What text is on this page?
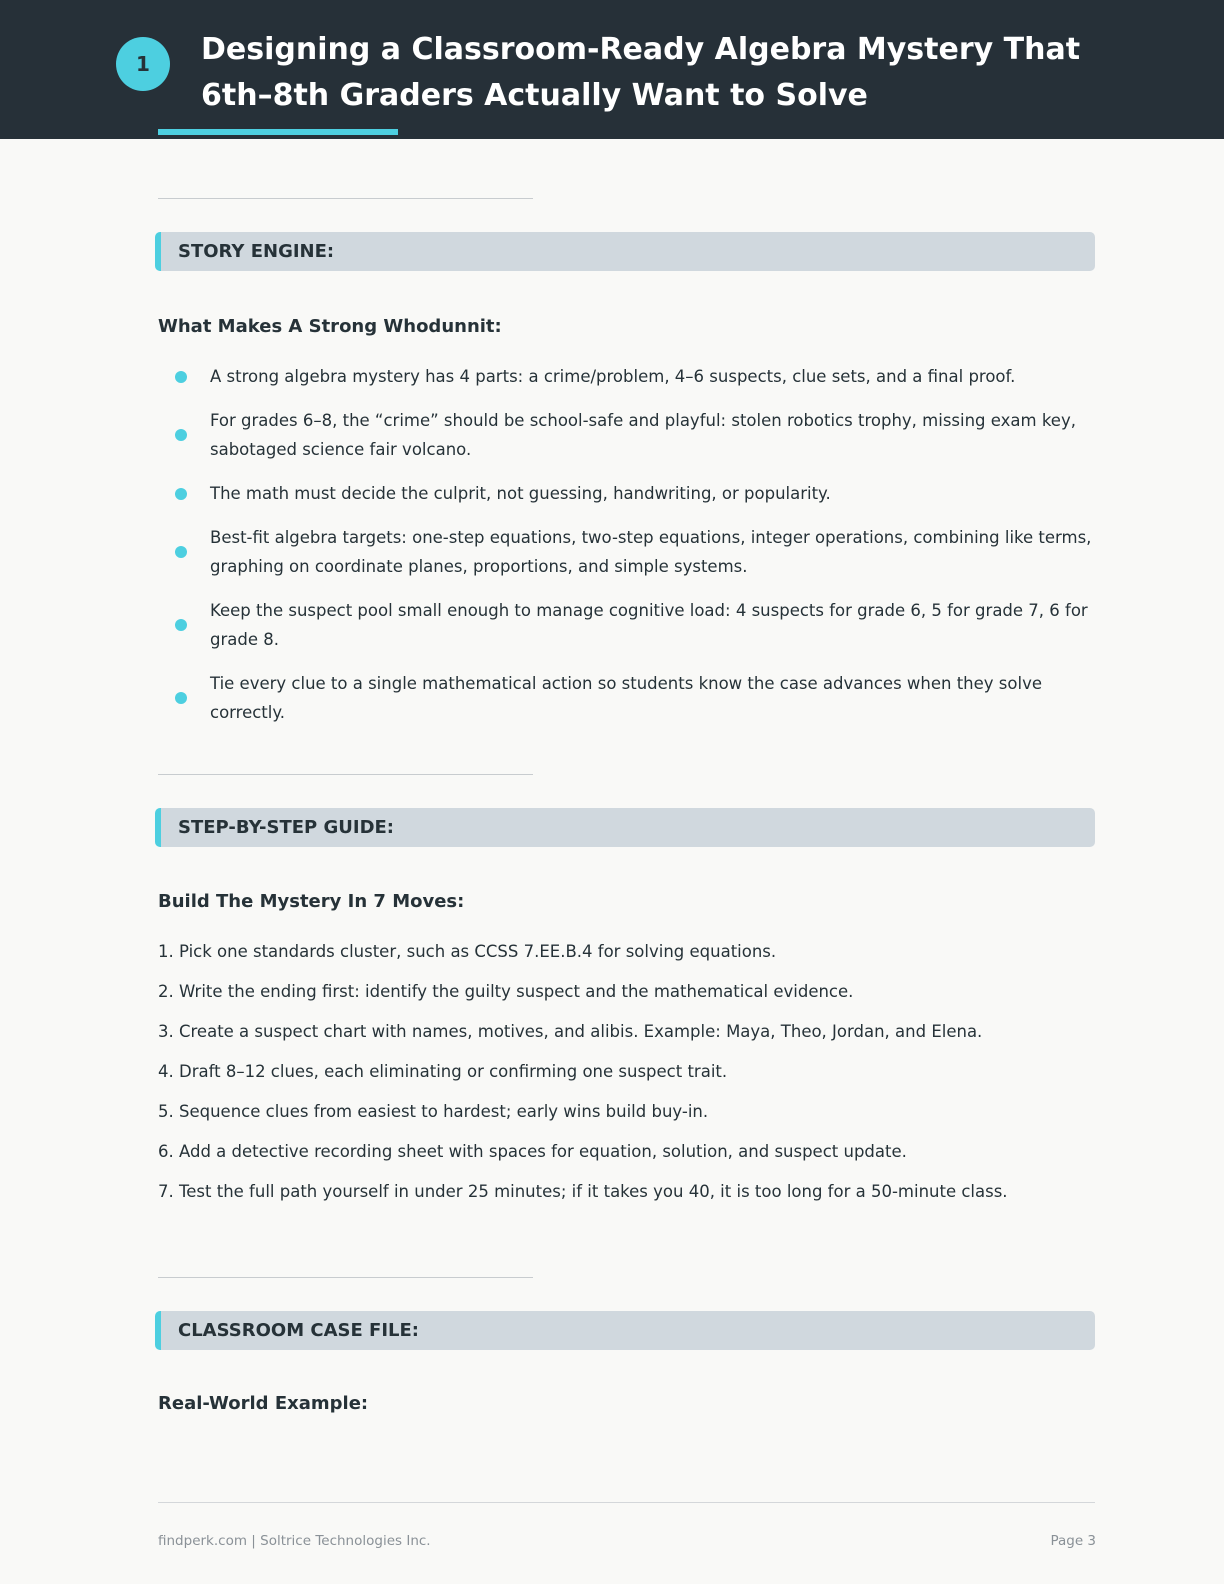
1	Designing a Classroom-Ready Algebra Mystery That 6th–8th Graders Actually Want to Solve
STORY ENGINE:
What Makes A Strong Whodunnit:
A strong algebra mystery has 4 parts: a crime/problem, 4–6 suspects, clue sets, and a final proof.
For grades 6–8, the “crime” should be school-safe and playful: stolen robotics trophy, missing exam key, sabotaged science fair volcano.
The math must decide the culprit, not guessing, handwriting, or popularity.
Best-fit algebra targets: one-step equations, two-step equations, integer operations, combining like terms, graphing on coordinate planes, proportions, and simple systems.
Keep the suspect pool small enough to manage cognitive load: 4 suspects for grade 6, 5 for grade 7, 6 for grade 8.
Tie every clue to a single mathematical action so students know the case advances when they solve correctly.
STEP-BY-STEP GUIDE:
Build The Mystery In 7 Moves:
1. Pick one standards cluster, such as CCSS 7.EE.B.4 for solving equations.
2. Write the ending first: identify the guilty suspect and the mathematical evidence.
3. Create a suspect chart with names, motives, and alibis. Example: Maya, Theo, Jordan, and Elena.
4. Draft 8–12 clues, each eliminating or confirming one suspect trait.
5. Sequence clues from easiest to hardest; early wins build buy-in.
6. Add a detective recording sheet with spaces for equation, solution, and suspect update.
7. Test the full path yourself in under 25 minutes; if it takes you 40, it is too long for a 50-minute class.
CLASSROOM CASE FILE:
Real-World Example:
findperk.com | Soltrice Technologies Inc.	Page 3
